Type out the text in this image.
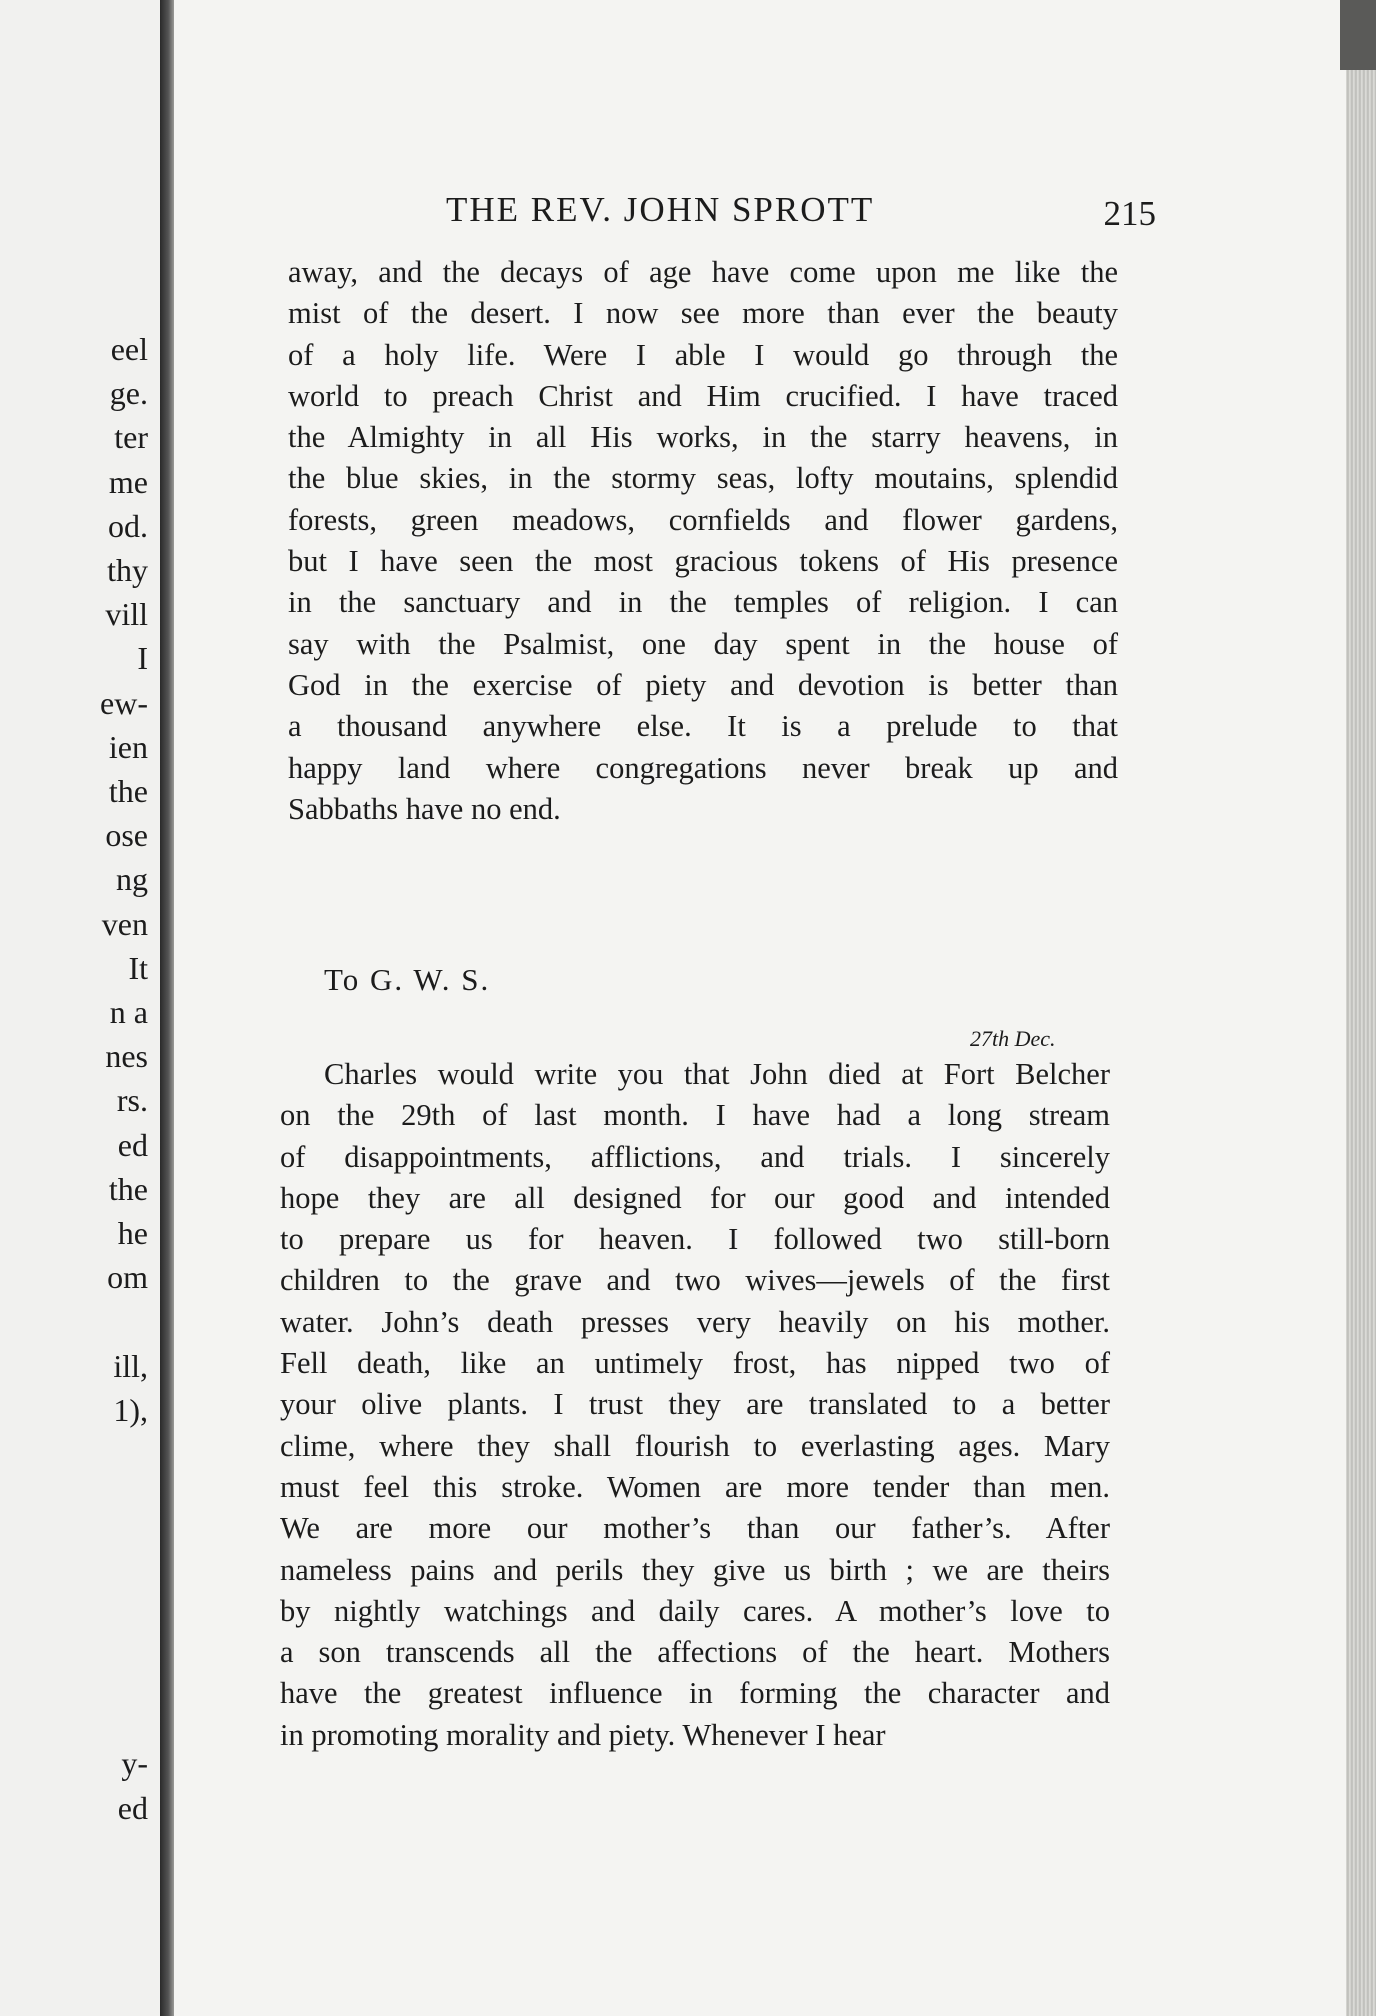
eel
ge.
ter
me
od.
thy
vill
I
ew-
ien
the
ose
ng
ven
It
n a
nes
rs.
ed
the
he
om
ill,
1),
y-
ed
THE REV. JOHN SPROTT	215
away, and the decays of age have come upon me like the
mist of the desert. I now see more than ever the beauty
of a holy life. Were I able I would go through the
world to preach Christ and Him crucified. I have traced
the Almighty in all His works, in the starry heavens, in
the blue skies, in the stormy seas, lofty moutains, splendid
forests, green meadows, cornfields and flower gardens,
but I have seen the most gracious tokens of His presence
in the sanctuary and in the temples of religion. I can
say with the Psalmist, one day spent in the house of
God in the exercise of piety and devotion is better than
a thousand anywhere else. It is a prelude to that
happy land where congregations never break up and
Sabbaths have no end.
To G. W. S.
27th Dec.
Charles would write you that John died at Fort Belcher
on the 29th of last month. I have had a long stream
of disappointments, afflictions, and trials. I sincerely
hope they are all designed for our good and intended
to prepare us for heaven. I followed two still-born
children to the grave and two wives—jewels of the first
water. John’s death presses very heavily on his mother.
Fell death, like an untimely frost, has nipped two of
your olive plants. I trust they are translated to a better
clime, where they shall flourish to everlasting ages. Mary
must feel this stroke. Women are more tender than men.
We are more our mother’s than our father’s. After
nameless pains and perils they give us birth ; we are theirs
by nightly watchings and daily cares. A mother’s love to
a son transcends all the affections of the heart. Mothers
have the greatest influence in forming the character and
in promoting morality and piety. Whenever I hear
